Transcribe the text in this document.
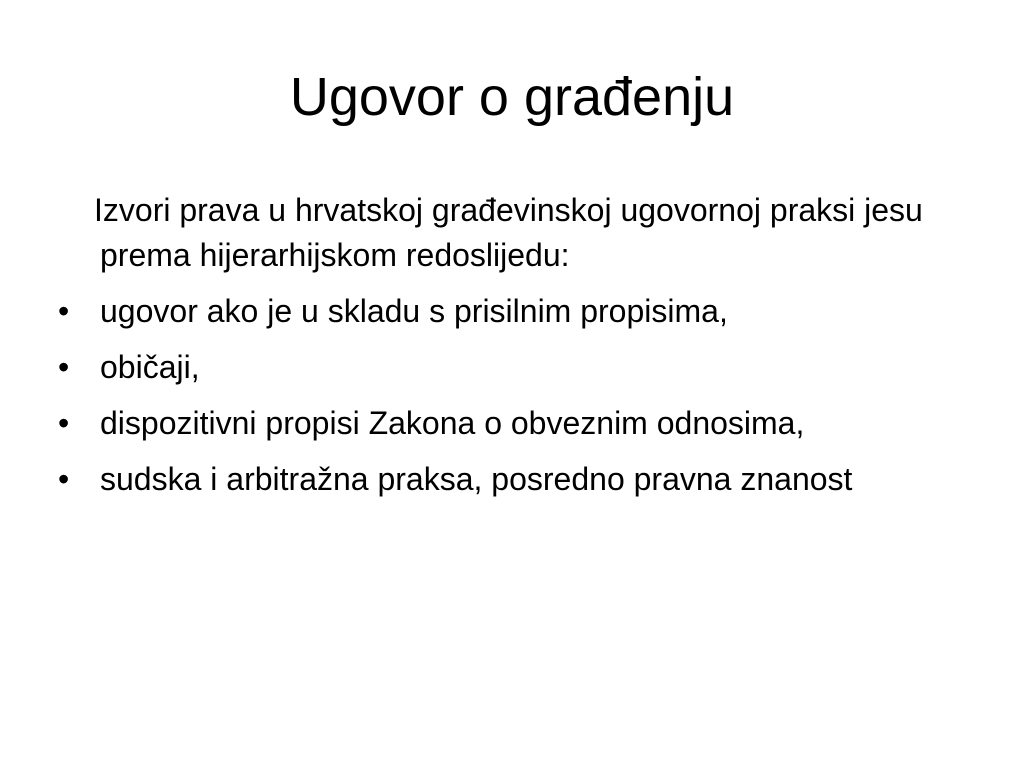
Ugovor o građenju

Izvori prava u hrvatskoj građevinskoj ugovornoj praksi jesu prema hijerarhijskom redoslijedu:

• ugovor ako je u skladu s prisilnim propisima,
• običaji,
• dispozitivni propisi Zakona o obveznim odnosima,
• sudska i arbitražna praksa, posredno pravna znanost
